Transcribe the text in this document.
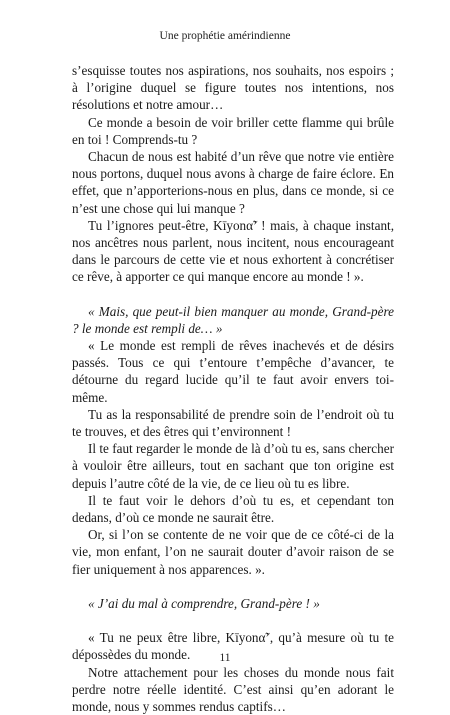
Une prophétie amérindienne

s’esquisse toutes nos aspirations, nos souhaits, nos espoirs ; à l’origine duquel se figure toutes nos intentions, nos résolutions et notre amour…

Ce monde a besoin de voir briller cette flamme qui brûle en toi ! Comprends-tu ?

Chacun de nous est habité d’un rêve que notre vie entière nous portons, duquel nous avons à charge de faire éclore. En effet, que n’apporterions-nous en plus, dans ce monde, si ce n’est une chose qui lui manque ?

Tu l’ignores peut-être, Kīyonα̃’ ! mais, à chaque instant, nos ancêtres nous parlent, nous incitent, nous encourageant dans le parcours de cette vie et nous exhortent à concrétiser ce rêve, à apporter ce qui manque encore au monde ! ».

« Mais, que peut-il bien manquer au monde, Grand-père ? le monde est rempli de… »

« Le monde est rempli de rêves inachevés et de désirs passés. Tous ce qui t’entoure t’empêche d’avancer, te détourne du regard lucide qu’il te faut avoir envers toi-même.

Tu as la responsabilité de prendre soin de l’endroit où tu te trouves, et des êtres qui t’environnent !

Il te faut regarder le monde de là d’où tu es, sans chercher à vouloir être ailleurs, tout en sachant que ton origine est depuis l’autre côté de la vie, de ce lieu où tu es libre.

Il te faut voir le dehors d’où tu es, et cependant ton dedans, d’où ce monde ne saurait être.

Or, si l’on se contente de ne voir que de ce côté-ci de la vie, mon enfant, l’on ne saurait douter d’avoir raison de se fier uniquement à nos apparences. ».

« J’ai du mal à comprendre, Grand-père ! »

« Tu ne peux être libre, Kīyonα̃’, qu’à mesure où tu te dépossèdes du monde.

Notre attachement pour les choses du monde nous fait perdre notre réelle identité. C’est ainsi qu’en adorant le monde, nous y sommes rendus captifs…

11
